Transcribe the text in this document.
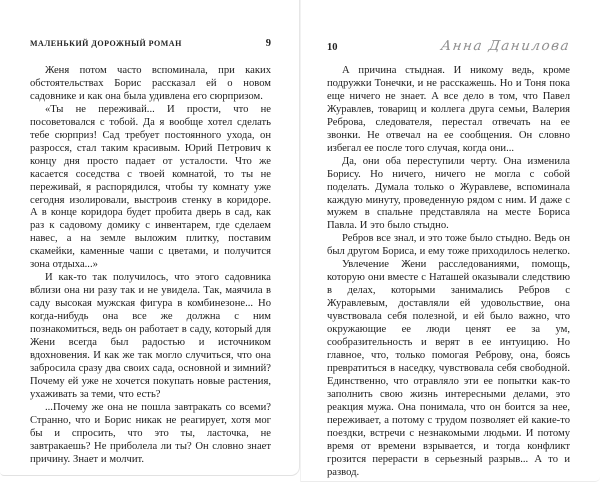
МАЛЕНЬКИЙ ДОРОЖНЫЙ РОМАН	9

Женя потом часто вспоминала, при каких обстоятельствах Борис рассказал ей о новом садовнике и как она была удивлена его сюрпризом.

«Ты не переживай... И прости, что не посоветовался с тобой. Да я вообще хотел сделать тебе сюрприз! Сад требует постоянного ухода, он разросся, стал таким красивым. Юрий Петрович к концу дня просто падает от усталости. Что же касается соседства с твоей комнатой, то ты не переживай, я распорядился, чтобы ту комнату уже сегодня изолировали, выстроив стенку в коридоре. А в конце коридора будет пробита дверь в сад, как раз к садовому домику с инвентарем, где сделаем навес, а на земле выложим плитку, поставим скамейки, каменные чаши с цветами, и получится зона отдыха...»

И как-то так получилось, что этого садовника вблизи она ни разу так и не увидела. Так, маячила в саду высокая мужская фигура в комбинезоне... Но когда-нибудь она все же должна с ним познакомиться, ведь он работает в саду, который для Жени всегда был радостью и источником вдохновения. И как же так могло случиться, что она забросила сразу два своих сада, основной и зимний? Почему ей уже не хочется покупать новые растения, ухаживать за теми, что есть?

...Почему же она не пошла завтракать со всеми? Странно, что и Борис никак не реагирует, хотя мог бы и спросить, что это ты, ласточка, не завтракаешь? Не приболела ли ты? Он словно знает причину. Знает и молчит.

10	Анна Данилова

А причина стыдная. И никому ведь, кроме подружки Тонечки, и не расскажешь. Но и Тоня пока еще ничего не знает. А все дело в том, что Павел Журавлев, товарищ и коллега друга семьи, Валерия Реброва, следователя, перестал отвечать на ее звонки. Не отвечал на ее сообщения. Он словно избегал ее после того случая, когда они...

Да, они оба переступили черту. Она изменила Борису. Но ничего, ничего не могла с собой поделать. Думала только о Журавлеве, вспоминала каждую минуту, проведенную рядом с ним. И даже с мужем в спальне представляла на месте Бориса Павла. И это было стыдно.

Ребров все знал, и это тоже было стыдно. Ведь он был другом Бориса, и ему тоже приходилось нелегко.

Увлечение Жени расследованиями, помощь, которую они вместе с Наташей оказывали следствию в делах, которыми занимались Ребров с Журавлевым, доставляли ей удовольствие, она чувствовала себя полезной, и ей было важно, что окружающие ее люди ценят ее за ум, сообразительность и верят в ее интуицию. Но главное, что, только помогая Реброву, она, боясь превратиться в наседку, чувствовала себя свободной. Единственно, что отравляло эти ее попытки как-то заполнить свою жизнь интересными делами, это реакция мужа. Она понимала, что он боится за нее, переживает, а потому с трудом позволяет ей какие-то поездки, встречи с незнакомыми людьми. И потому время от времени взрывается, и тогда конфликт грозится перерасти в серьезный разрыв... А то и развод.
